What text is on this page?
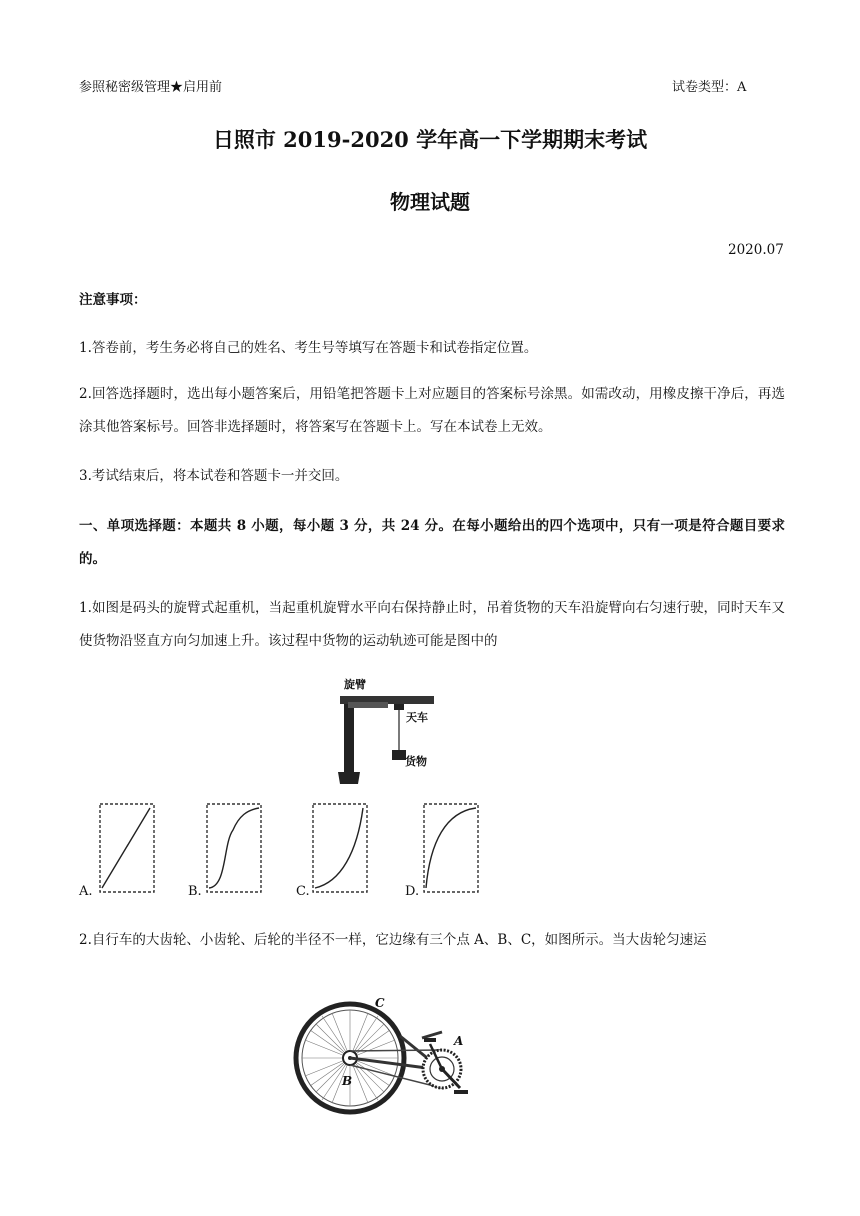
参照秘密级管理★启用前	试卷类型：A
日照市 2019-2020 学年高一下学期期末考试
物理试题
2020.07
注意事项：
1.答卷前，考生务必将自己的姓名、考生号等填写在答题卡和试卷指定位置。
2.回答选择题时，选出每小题答案后，用铅笔把答题卡上对应题目的答案标号涂黑。如需改动，用橡皮擦干净后，再选涂其他答案标号。回答非选择题时，将答案写在答题卡上。写在本试卷上无效。
3.考试结束后，将本试卷和答题卡一并交回。
一、单项选择题：本题共 8 小题，每小题 3 分，共 24 分。在每小题给出的四个选项中，只有一项是符合题目要求的。
1.如图是码头的旋臂式起重机，当起重机旋臂水平向右保持静止时，吊着货物的天车沿旋臂向右匀速行驶，同时天车又使货物沿竖直方向匀加速上升。该过程中货物的运动轨迹可能是图中的
旋臂
天车
货物
A.	B.	C.	D.
2.自行车的大齿轮、小齿轮、后轮的半径不一样，它边缘有三个点 A、B、C，如图所示。当大齿轮匀速运
C
A
B
